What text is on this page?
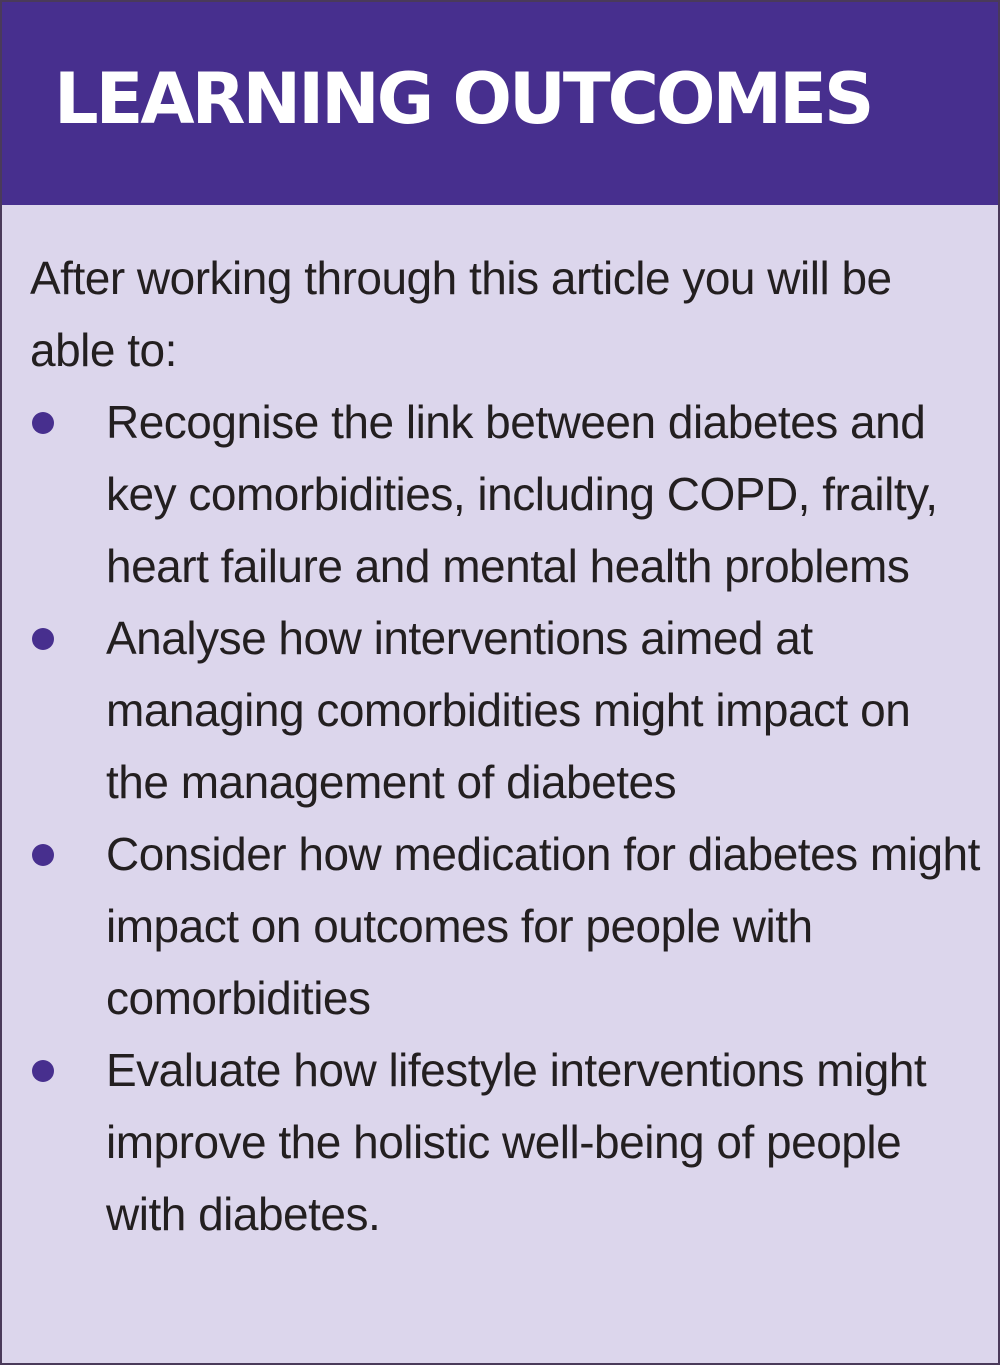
LEARNING OUTCOMES

After working through this article you will be able to:

Recognise the link between diabetes and key comorbidities, including COPD, frailty, heart failure and mental health problems
Analyse how interventions aimed at managing comorbidities might impact on the management of diabetes
Consider how medication for diabetes might impact on outcomes for people with comorbidities
Evaluate how lifestyle interventions might improve the holistic well-being of people with diabetes.
